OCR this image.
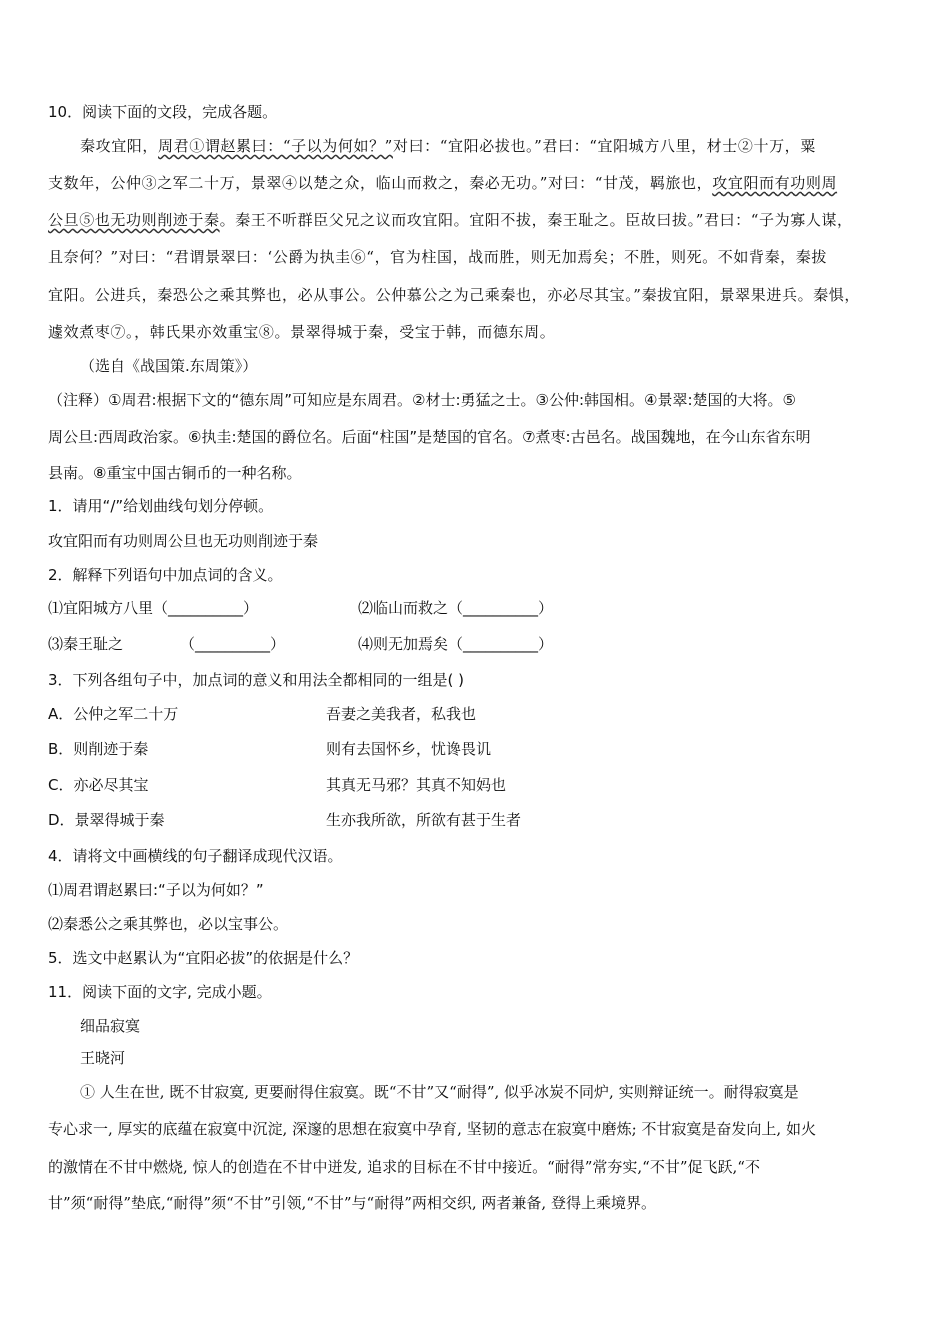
10．阅读下面的文段，完成各题。
秦攻宜阳，周君①谓赵累曰：“子以为何如？”对曰：“宜阳必拔也。”君曰：“宜阳城方八里，材士②十万，粟
支数年，公仲③之军二十万，景翠④以楚之众，临山而救之，秦必无功。”对曰：“甘茂，羁旅也，攻宜阳而有功则周
公旦⑤也无功则削迹于秦。秦王不听群臣父兄之议而攻宜阳。宜阳不拔，秦王耻之。臣故曰拔。”君曰：“子为寡人谋，
且奈何？”对曰：“君谓景翠曰：‘公爵为执圭⑥“，官为柱国，战而胜，则无加焉矣；不胜，则死。不如背秦，秦拔
宜阳。公进兵，秦恐公之乘其弊也，必从事公。公仲慕公之为己乘秦也，亦必尽其宝。”秦拔宜阳，景翠果进兵。秦惧，
遽效煮枣⑦。，韩氏果亦效重宝⑧。景翠得城于秦，受宝于韩，而德东周。
（选自《战国策.东周策》）
（注释）①周君:根据下文的“德东周”可知应是东周君。②材士:勇猛之士。③公仲:韩国相。④景翠:楚国的大将。⑤
周公旦:西周政治家。⑥执圭:楚国的爵位名。后面“柱国”是楚国的官名。⑦煮枣:古邑名。战国魏地，在今山东省东明
县南。⑧重宝中国古铜币的一种名称。
1．请用“/”给划曲线句划分停顿。
攻宜阳而有功则周公旦也无功则削迹于秦
2．解释下列语句中加点词的含义。
⑴宜阳城方八里（__________）	⑵临山而救之（__________）
⑶秦王耻之	（__________）	⑷则无加焉矣（__________）
3．下列各组句子中，加点词的意义和用法全都相同的一组是( )
A．公仲之军二十万	吾妻之美我者，私我也
B．则削迹于秦	则有去国怀乡，忧谗畏讥
C．亦必尽其宝	其真无马邪？其真不知妈也
D．景翠得城于秦	生亦我所欲，所欲有甚于生者
4．请将文中画横线的句子翻译成现代汉语。
⑴周君谓赵累曰:“子以为何如？”
⑵秦悉公之乘其弊也，必以宝事公。
5．选文中赵累认为“宜阳必拔”的依据是什么？
11．阅读下面的文字, 完成小题。
细品寂寞
王晓河
① 人生在世, 既不甘寂寞, 更要耐得住寂寞。既“不甘”又“耐得”, 似乎冰炭不同炉, 实则辩证统一。耐得寂寞是
专心求一, 厚实的底蕴在寂寞中沉淀, 深邃的思想在寂寞中孕育, 坚韧的意志在寂寞中磨炼; 不甘寂寞是奋发向上, 如火
的激情在不甘中燃烧, 惊人的创造在不甘中迸发, 追求的目标在不甘中接近。“耐得”常夯实,“不甘”促飞跃,“不
甘”须“耐得”垫底,“耐得”须“不甘”引领,“不甘”与“耐得”两相交织, 两者兼备, 登得上乘境界。
